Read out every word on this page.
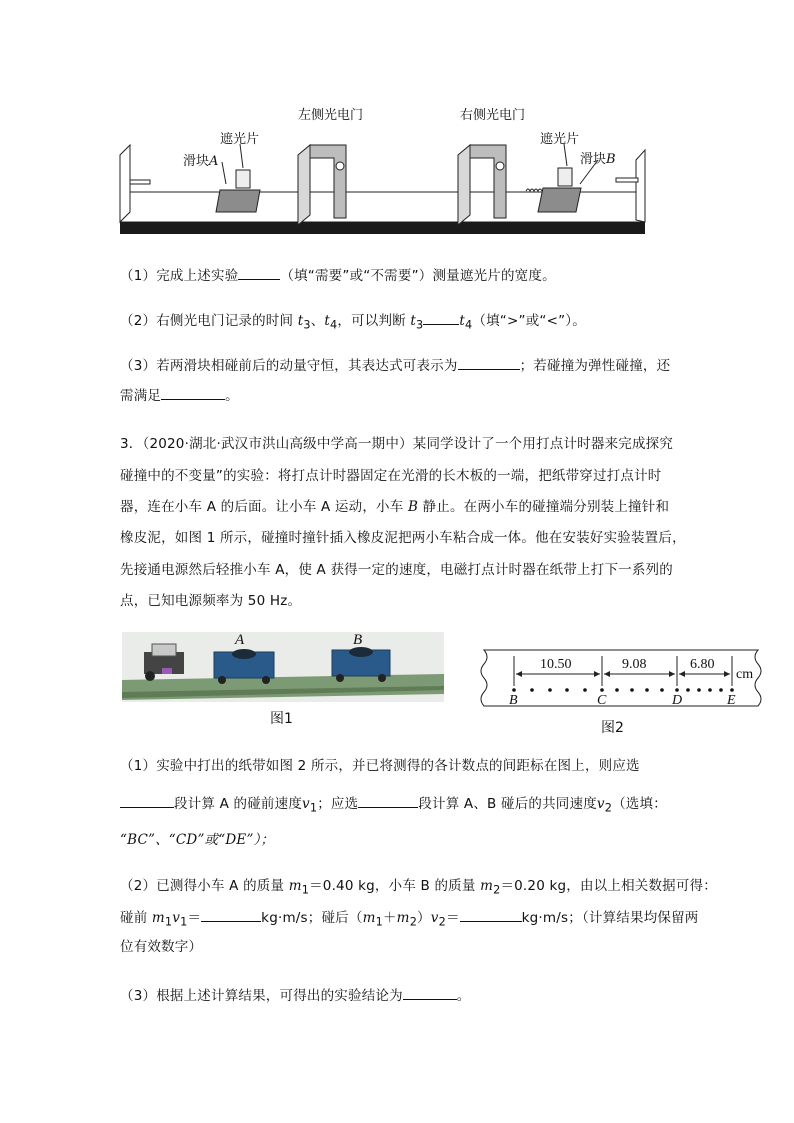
左侧光电门	右侧光电门
遮光片	遮光片
滑块A	滑块B
（1）完成上述实验	（填“需要”或“不需要”）测量遮光片的宽度。
（2）右侧光电门记录的时间 $t_3$、$t_4$，可以判断 $t_3$	$t_4$（填“>”或“<”）。
（3）若两滑块相碰前后的动量守恒，其表达式可表示为	；若碰撞为弹性碰撞，还
需满足	。
3．（2020·湖北·武汉市洪山高级中学高一期中）某同学设计了一个用打点计时器来完成探究
碰撞中的不变量”的实验：将打点计时器固定在光滑的长木板的一端，把纸带穿过打点计时
器，连在小车 A 的后面。让小车 A 运动，小车 B 静止。在两小车的碰撞端分别装上撞针和
橡皮泥，如图 1 所示，碰撞时撞针插入橡皮泥把两小车粘合成一体。他在安装好实验装置后，
先接通电源然后轻推小车 A，使 A 获得一定的速度，电磁打点计时器在纸带上打下一系列的
点，已知电源频率为 50 Hz。
A	B
图1
10.50	9.08	6.80
cm
B	C	D	E
图2
（1）实验中打出的纸带如图 2 所示，并已将测得的各计数点的间距标在图上，则应选
段计算 A 的碰前速度$v_1$；应选	段计算 A、B 碰后的共同速度$v_2$（选填：
“BC”、“CD”或“DE”）；
（2）已测得小车 A 的质量 $m_1=0.40$ kg，小车 B 的质量 $m_2=0.20$ kg，由以上相关数据可得：
碰前 $m_1v_1=$	kg·m/s；碰后$(m_1+m_2)v_2=$	kg·m/s；（计算结果均保留两
位有效数字）
（3）根据上述计算结果，可得出的实验结论为	。
